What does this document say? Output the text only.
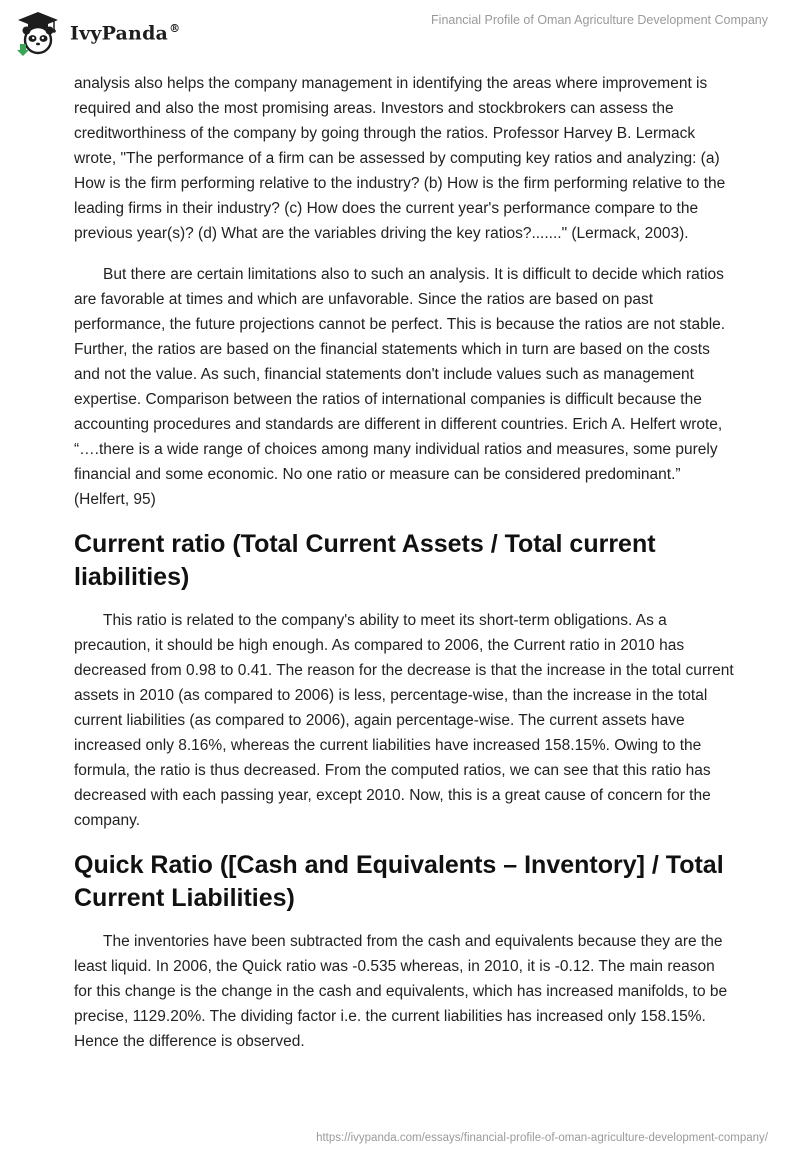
IvyPanda®
Financial Profile of Oman Agriculture Development Company

analysis also helps the company management in identifying the areas where improvement is required and also the most promising areas. Investors and stockbrokers can assess the creditworthiness of the company by going through the ratios. Professor Harvey B. Lermack wrote, "The performance of a firm can be assessed by computing key ratios and analyzing: (a) How is the firm performing relative to the industry? (b) How is the firm performing relative to the leading firms in their industry? (c) How does the current year's performance compare to the previous year(s)? (d) What are the variables driving the key ratios?......." (Lermack, 2003).

But there are certain limitations also to such an analysis. It is difficult to decide which ratios are favorable at times and which are unfavorable. Since the ratios are based on past performance, the future projections cannot be perfect. This is because the ratios are not stable. Further, the ratios are based on the financial statements which in turn are based on the costs and not the value. As such, financial statements don't include values such as management expertise. Comparison between the ratios of international companies is difficult because the accounting procedures and standards are different in different countries. Erich A. Helfert wrote, “….there is a wide range of choices among many individual ratios and measures, some purely financial and some economic. No one ratio or measure can be considered predominant.” (Helfert, 95)

Current ratio (Total Current Assets / Total current liabilities)

This ratio is related to the company's ability to meet its short-term obligations. As a precaution, it should be high enough. As compared to 2006, the Current ratio in 2010 has decreased from 0.98 to 0.41. The reason for the decrease is that the increase in the total current assets in 2010 (as compared to 2006) is less, percentage-wise, than the increase in the total current liabilities (as compared to 2006), again percentage-wise. The current assets have increased only 8.16%, whereas the current liabilities have increased 158.15%. Owing to the formula, the ratio is thus decreased. From the computed ratios, we can see that this ratio has decreased with each passing year, except 2010. Now, this is a great cause of concern for the company.

Quick Ratio ([Cash and Equivalents – Inventory] / Total Current Liabilities)

The inventories have been subtracted from the cash and equivalents because they are the least liquid. In 2006, the Quick ratio was -0.535 whereas, in 2010, it is -0.12. The main reason for this change is the change in the cash and equivalents, which has increased manifolds, to be precise, 1129.20%. The dividing factor i.e. the current liabilities has increased only 158.15%. Hence the difference is observed.

https://ivypanda.com/essays/financial-profile-of-oman-agriculture-development-company/
